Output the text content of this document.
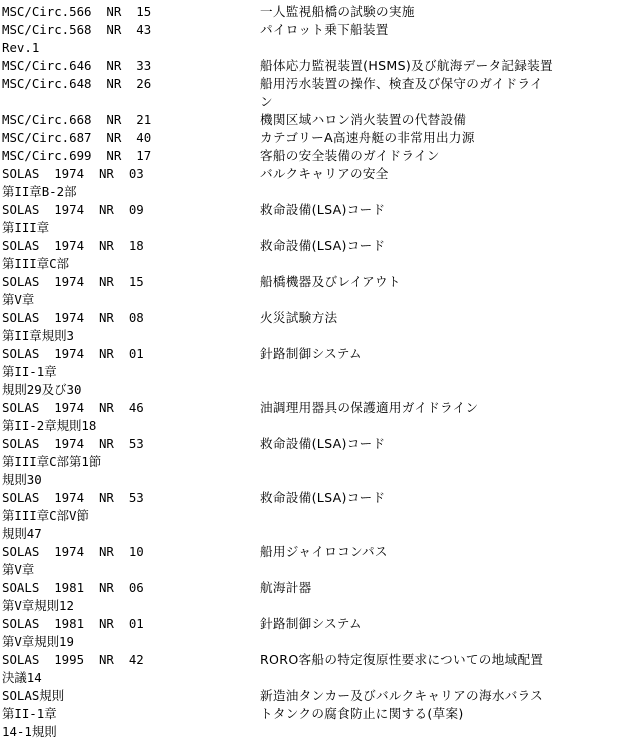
MSC/Circ.566  NR  15	一人監視船橋の試験の実施
MSC/Circ.568  NR  43	パイロット乗下船装置
Rev.1
MSC/Circ.646  NR  33	船体応力監視装置(HSMS)及び航海データ記録装置
MSC/Circ.648  NR  26	船用汚水装置の操作、検査及び保守のガイドライ
ン
MSC/Circ.668  NR  21	機関区域ハロン消火装置の代替設備
MSC/Circ.687  NR  40	カテゴリーA高速舟艇の非常用出力源
MSC/Circ.699  NR  17	客船の安全装備のガイドライン
SOLAS  1974  NR  03	バルクキャリアの安全
第II章B-2部
SOLAS  1974  NR  09	救命設備(LSA)コード
第III章
SOLAS  1974  NR  18	救命設備(LSA)コード
第III章C部
SOLAS  1974  NR  15	船橋機器及びレイアウト
第V章
SOLAS  1974  NR  08	火災試験方法
第II章規則3
SOLAS  1974  NR  01	針路制御システム
第II-1章
規則29及び30
SOLAS  1974  NR  46	油調理用器具の保護適用ガイドライン
第II-2章規則18
SOLAS  1974  NR  53	救命設備(LSA)コード
第III章C部第1節
規則30
SOLAS  1974  NR  53	救命設備(LSA)コード
第III章C部V節
規則47
SOLAS  1974  NR  10	船用ジャイロコンパス
第V章
SOALS  1981  NR  06	航海計器
第V章規則12
SOLAS  1981  NR  01	針路制御システム
第V章規則19
SOLAS  1995  NR  42	RORO客船の特定復原性要求についての地域配置
決議14
SOLAS規則	新造油タンカー及びバルクキャリアの海水バラス
第II-1章	トタンクの腐食防止に関する(草案)
14-1規則
